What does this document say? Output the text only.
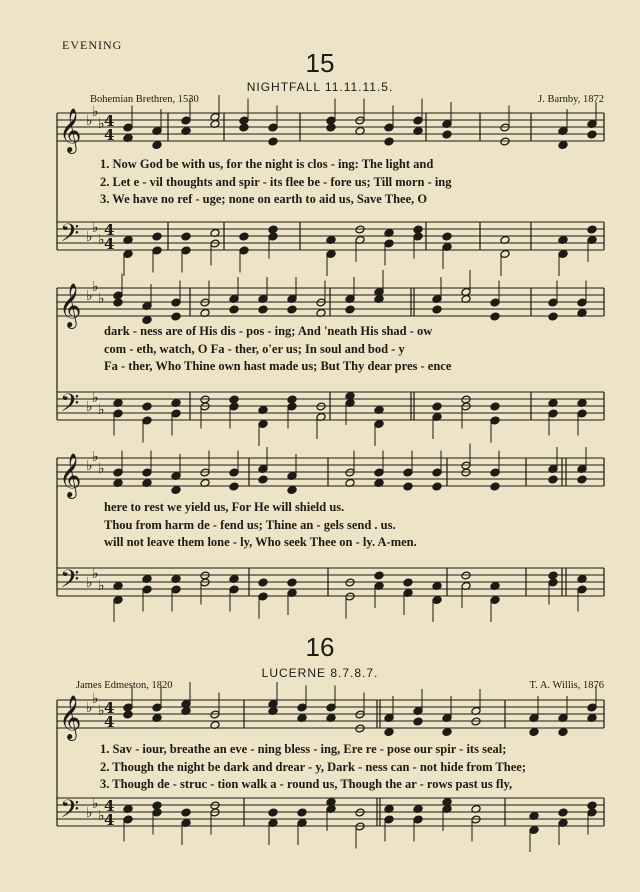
EVENING
15
NIGHTFALL 11.11.11.5.
Bohemian Brethren, 1530	J. Barnby, 1872
1. Now God be with us, for the night is clos - ing: The light and
2. Let e - vil thoughts and spir - its flee be - fore us; Till morn - ing
3. We have no ref - uge; none on earth to aid us, Save Thee, O
dark - ness are of His dis - pos - ing; And 'neath His shad - ow
com - eth, watch, O Fa - ther, o'er us; In soul and bod - y
Fa - ther, Who Thine own hast made us; But Thy dear pres - ence
here to rest we yield us, For He will shield us.
Thou from harm de - fend us; Thine an - gels send . us.
will not leave them lone - ly, Who seek Thee on - ly. A-men.
16
LUCERNE 8.7.8.7.
James Edmeston, 1820	T. A. Willis, 1876
1. Sav - iour, breathe an eve - ning bless - ing, Ere re - pose our spir - its seal;
2. Though the night be dark and drear - y, Dark - ness can - not hide from Thee;
3. Though de - struc - tion walk a - round us, Though the ar - rows past us fly,
𝄞
𝄢
♭
♭
♭
♭
♭
♭
4
4
4
4
𝄞
𝄢
♭
♭
♭
♭
♭
♭
𝄞
𝄢
♭
♭
♭
♭
♭
♭
𝄞
𝄢
♭
♭
♭
♭
♭
♭
4
4
4
4
